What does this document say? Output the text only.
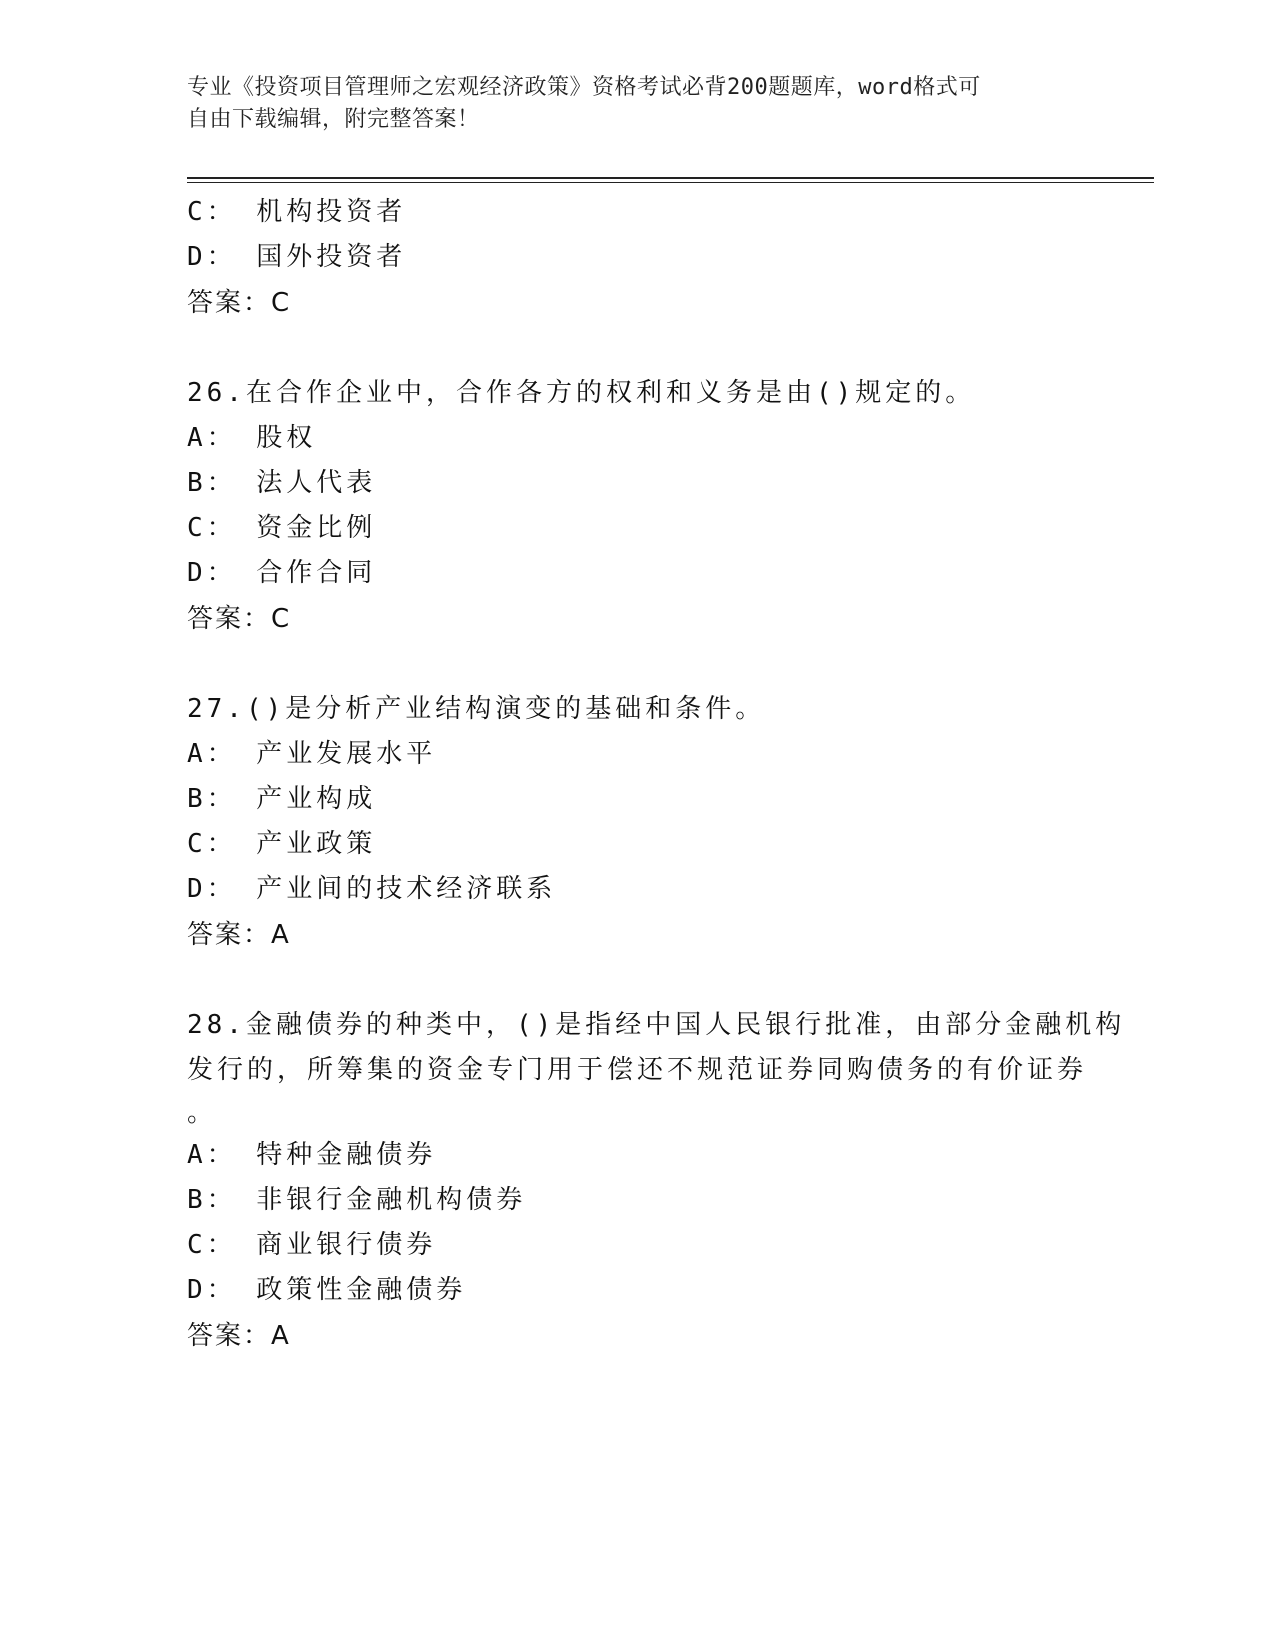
专业《投资项目管理师之宏观经济政策》资格考试必背200题题库，word格式可
自由下载编辑，附完整答案！
C： 机构投资者
D： 国外投资者
答案：C
26.在合作企业中，合作各方的权利和义务是由()规定的。
A： 股权
B： 法人代表
C： 资金比例
D： 合作合同
答案：C
27.()是分析产业结构演变的基础和条件。
A： 产业发展水平
B： 产业构成
C： 产业政策
D： 产业间的技术经济联系
答案：A
28.金融债券的种类中，()是指经中国人民银行批准，由部分金融机构
发行的，所筹集的资金专门用于偿还不规范证券同购债务的有价证券
。
A： 特种金融债券
B： 非银行金融机构债券
C： 商业银行债券
D： 政策性金融债券
答案：A
